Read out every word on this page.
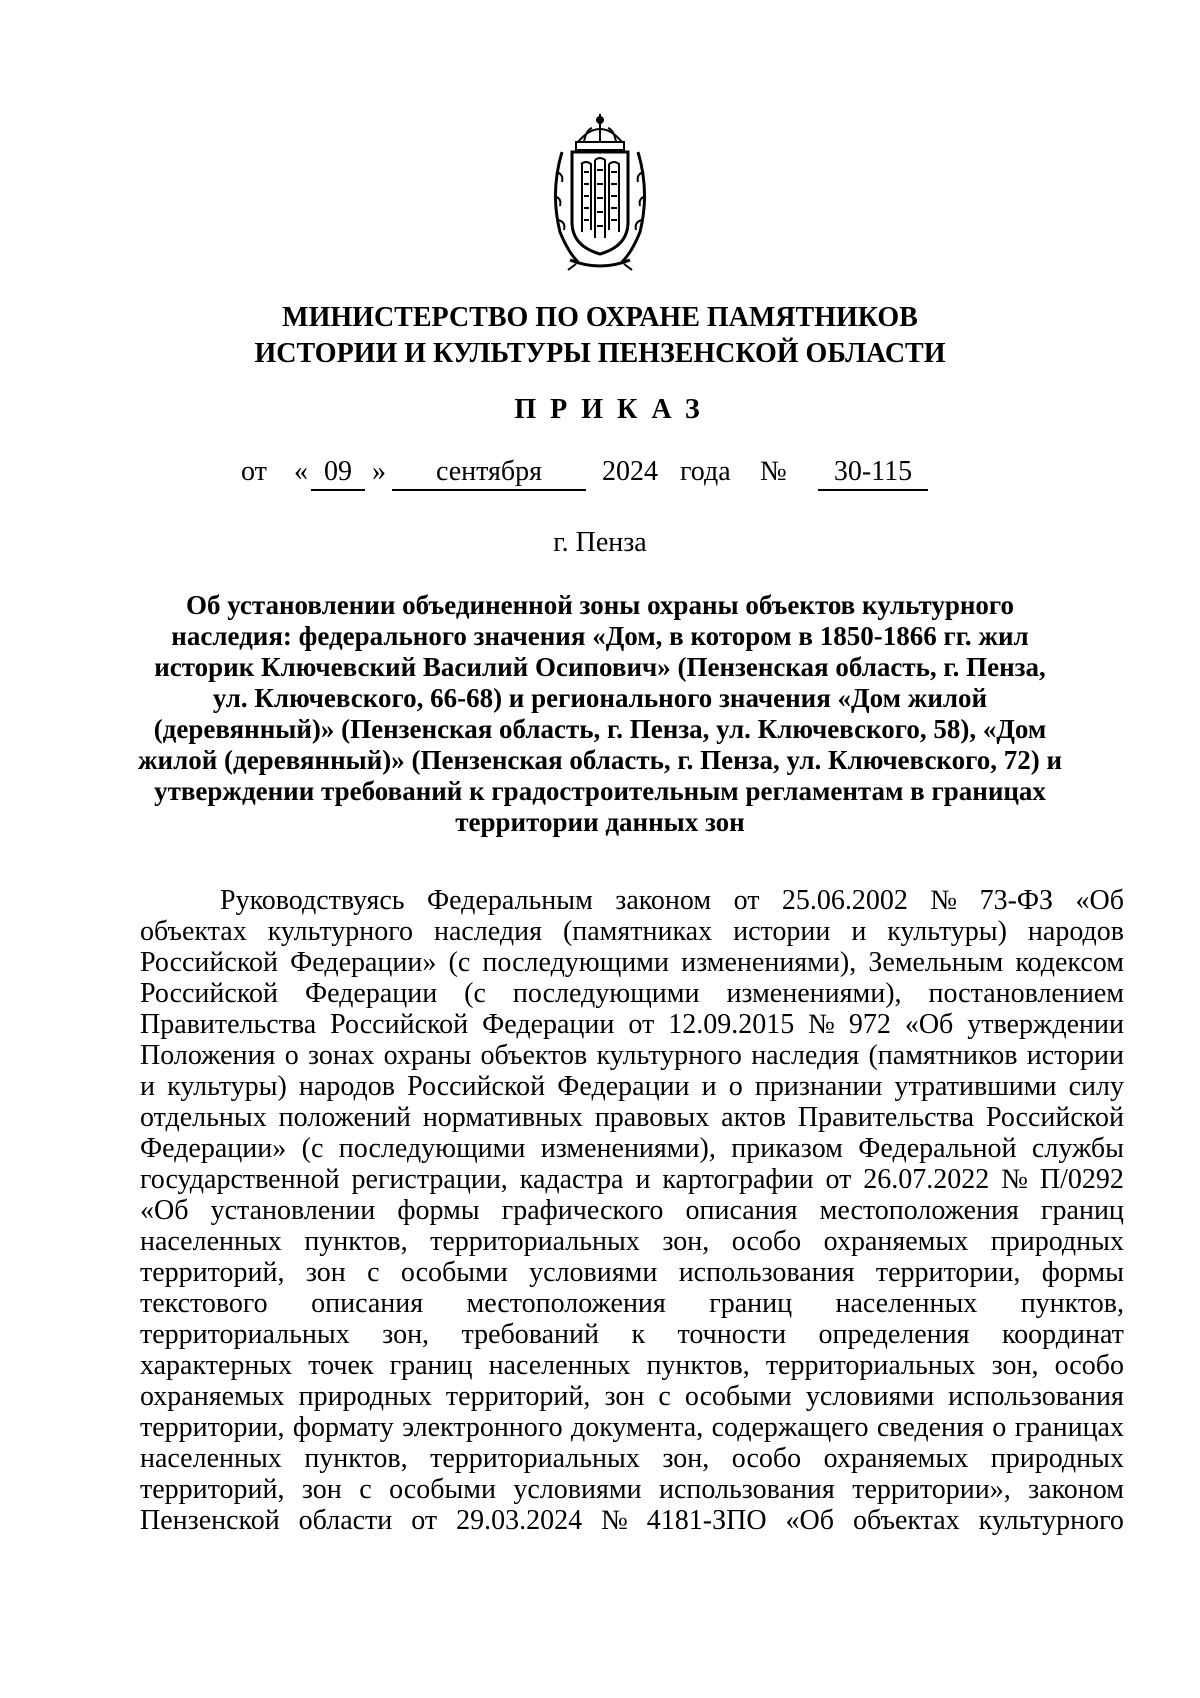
МИНИСТЕРСТВО ПО ОХРАНЕ ПАМЯТНИКОВ
ИСТОРИИ И КУЛЬТУРЫ ПЕНЗЕНСКОЙ ОБЛАСТИ
ПРИКАЗ
от « 09 »	сентября	2024 года №	30-115
г. Пенза
Об установлении объединенной зоны охраны объектов культурного
наследия: федерального значения «Дом, в котором в 1850-1866 гг. жил
историк Ключевский Василий Осипович» (Пензенская область, г. Пенза,
ул. Ключевского, 66-68) и регионального значения «Дом жилой
(деревянный)» (Пензенская область, г. Пенза, ул. Ключевского, 58), «Дом
жилой (деревянный)» (Пензенская область, г. Пенза, ул. Ключевского, 72) и
утверждении требований к градостроительным регламентам в границах
территории данных зон
Руководствуясь Федеральным законом от 25.06.2002 № 73-ФЗ «Об
объектах культурного наследия (памятниках истории и культуры) народов
Российской Федерации» (с последующими изменениями), Земельным кодексом
Российской Федерации (с последующими изменениями), постановлением
Правительства Российской Федерации от 12.09.2015 № 972 «Об утверждении
Положения о зонах охраны объектов культурного наследия (памятников истории
и культуры) народов Российской Федерации и о признании утратившими силу
отдельных положений нормативных правовых актов Правительства Российской
Федерации» (с последующими изменениями), приказом Федеральной службы
государственной регистрации, кадастра и картографии от 26.07.2022 № П/0292
«Об установлении формы графического описания местоположения границ
населенных пунктов, территориальных зон, особо охраняемых природных
территорий, зон с особыми условиями использования территории, формы
текстового описания местоположения границ населенных пунктов,
территориальных зон, требований к точности определения координат
характерных точек границ населенных пунктов, территориальных зон, особо
охраняемых природных территорий, зон с особыми условиями использования
территории, формату электронного документа, содержащего сведения о границах
населенных пунктов, территориальных зон, особо охраняемых природных
территорий, зон с особыми условиями использования территории», законом
Пензенской области от 29.03.2024 № 4181-ЗПО «Об объектах культурного
